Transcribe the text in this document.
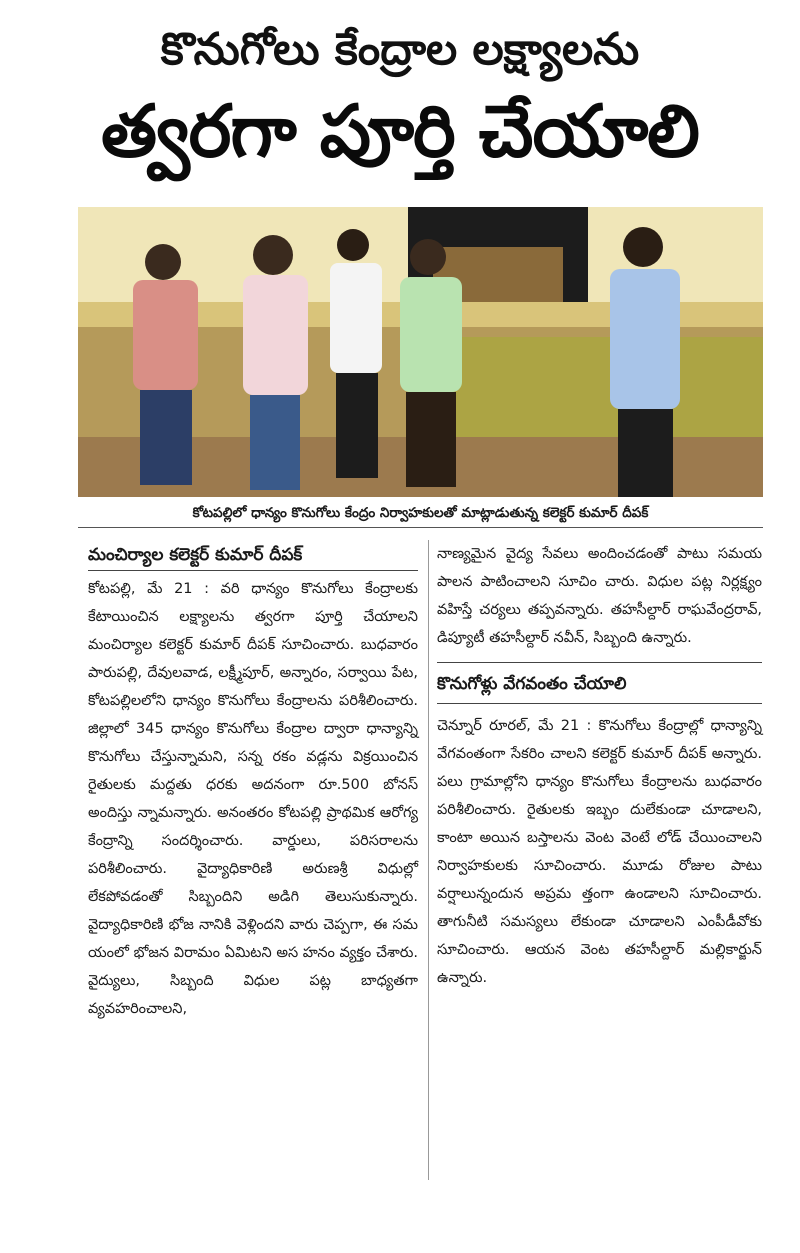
కొనుగోలు కేంద్రాల లక్ష్యాలను
త్వరగా పూర్తి చేయాలి
కోటపల్లిలో ధాన్యం కొనుగోలు కేంద్రం నిర్వాహకులతో మాట్లాడుతున్న కలెక్టర్ కుమార్ దీపక్
మంచిర్యాల కలెక్టర్ కుమార్ దీపక్

కోటపల్లి, మే 21 : వరి ధాన్యం కొనుగోలు కేంద్రాలకు కేటాయించిన లక్ష్యాలను త్వరగా పూర్తి చేయాలని మంచిర్యాల కలెక్టర్ కుమార్ దీపక్ సూచించారు. బుధవారం పారుపల్లి, దేవులవాడ, లక్ష్మీపూర్, అన్నారం, సర్వాయి పేట, కోటపల్లిలలోని ధాన్యం కొనుగోలు కేంద్రాలను పరిశీలించారు. జిల్లాలో 345 ధాన్యం కొనుగోలు కేంద్రాల ద్వారా ధాన్యాన్ని కొనుగోలు చేస్తున్నామని, సన్న రకం వడ్లను విక్రయించిన రైతులకు మద్దతు ధరకు అదనంగా రూ.500 బోనస్ అందిస్తు న్నామన్నారు. అనంతరం కోటపల్లి ప్రాథమిక ఆరోగ్య కేంద్రాన్ని సందర్శించారు. వార్డులు, పరిసరాలను పరిశీలించారు. వైద్యాధికారిణి అరుణశ్రీ విధుల్లో లేకపోవడంతో సిబ్బందిని అడిగి తెలుసుకున్నారు. వైద్యాధికారిణి భోజ నానికి వెళ్లిందని వారు చెప్పగా, ఈ సమ యంలో భోజన విరామం ఏమిటని అస హనం వ్యక్తం చేశారు. వైద్యులు, సిబ్బంది విధుల పట్ల బాధ్యతగా వ్యవహరించాలని,

నాణ్యమైన వైద్య సేవలు అందించడంతో పాటు సమయ పాలన పాటించాలని సూచిం చారు. విధుల పట్ల నిర్లక్ష్యం వహిస్తే చర్యలు తప్పవన్నారు. తహసీల్దార్ రాఘవేంద్రరావ్, డిప్యూటీ తహసీల్దార్ నవీన్, సిబ్బంది ఉన్నారు.

కొనుగోళ్లు వేగవంతం చేయాలి

చెన్నూర్ రూరల్, మే 21 : కొనుగోలు కేంద్రాల్లో ధాన్యాన్ని వేగవంతంగా సేకరిం చాలని కలెక్టర్ కుమార్ దీపక్ అన్నారు. పలు గ్రామాల్లోని ధాన్యం కొనుగోలు కేంద్రాలను బుధవారం పరిశీలించారు. రైతులకు ఇబ్బం దులేకుండా చూడాలని, కాంటా అయిన బస్తాలను వెంట వెంటే లోడ్ చేయించాలని నిర్వాహకులకు సూచించారు. మూడు రోజుల పాటు వర్షాలున్నందున అప్రమ త్తంగా ఉండాలని సూచించారు. తాగునీటి సమస్యలు లేకుండా చూడాలని ఎంపీడీవోకు సూచించారు. ఆయన వెంట తహసీల్దార్ మల్లికార్జున్ ఉన్నారు.
